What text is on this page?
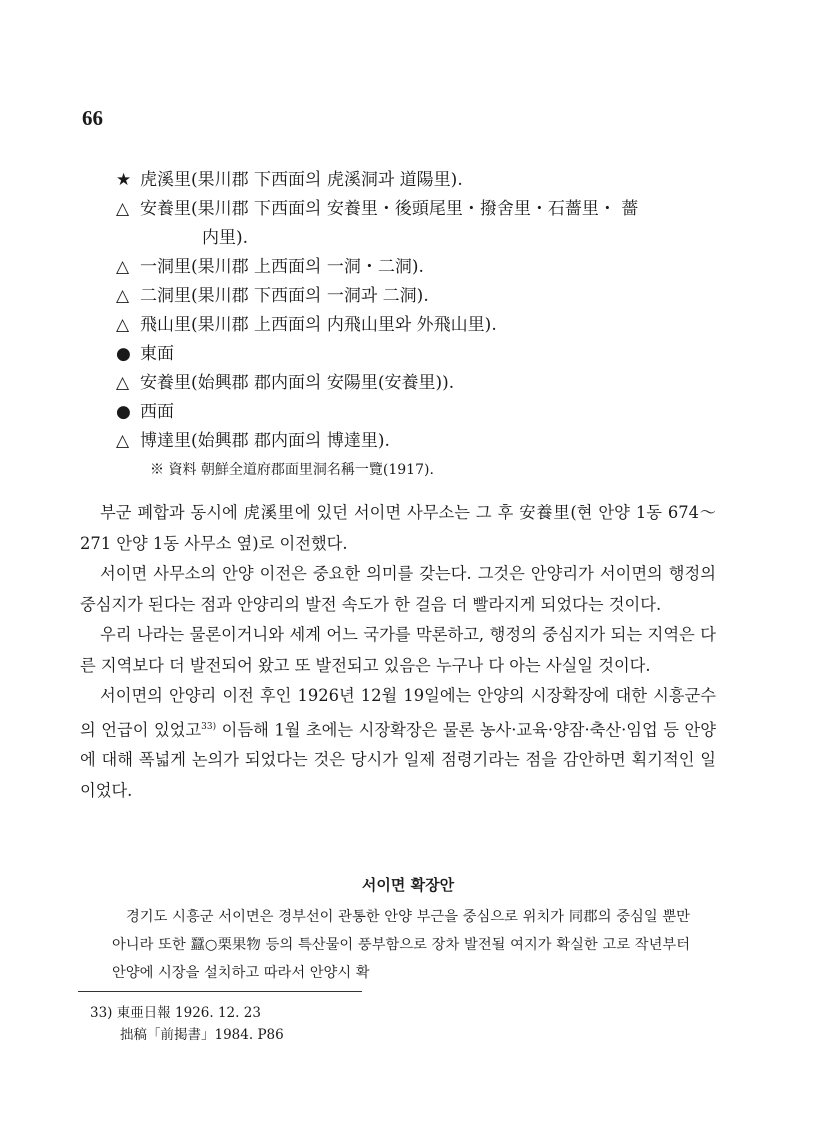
66
★ 虎溪里(果川郡 下西面의 虎溪洞과 道陽里).
△ 安養里(果川郡 下西面의 安養里・後頭尾里・撥舍里・石薔里・ 薔
内里).
△ 一洞里(果川郡 上西面의 一洞・二洞).
△ 二洞里(果川郡 下西面의 一洞과 二洞).
△ 飛山里(果川郡 上西面의 内飛山里와 外飛山里).
● 東面
△ 安養里(始興郡 郡内面의 安陽里(安養里)).
● 西面
△ 博達里(始興郡 郡内面의 博達里).
※ 資料 朝鮮全道府郡面里洞名稱一覽(1917).

부군 폐합과 동시에 虎溪里에 있던 서이면 사무소는 그 후 安養里(현 안양 1동 674～271 안양 1동 사무소 옆)로 이전했다.

서이면 사무소의 안양 이전은 중요한 의미를 갖는다. 그것은 안양리가 서이면의 행정의 중심지가 된다는 점과 안양리의 발전 속도가 한 걸음 더 빨라지게 되었다는 것이다.

우리 나라는 물론이거니와 세계 어느 국가를 막론하고, 행정의 중심지가 되는 지역은 다른 지역보다 더 발전되어 왔고 또 발전되고 있음은 누구나 다 아는 사실일 것이다.

서이면의 안양리 이전 후인 1926년 12월 19일에는 안양의 시장확장에 대한 시흥군수의 언급이 있었고$^{33)}$ 이듬해 1월 초에는 시장확장은 물론 농사·교육·양잠·축산·임업 등 안양에 대해 폭넓게 논의가 되었다는 것은 당시가 일제 점령기라는 점을 감안하면 획기적인 일이었다.

서이면 확장안

경기도 시흥군 서이면은 경부선이 관통한 안양 부근을 중심으로 위치가 同郡의 중심일 뿐만 아니라 또한 蠶○栗果物 등의 특산물이 풍부함으로 장차 발전될 여지가 확실한 고로 작년부터 안양에 시장을 설치하고 따라서 안양시 확

33) 東亜日報 1926. 12. 23
拙稿「前掲書」1984. P86
